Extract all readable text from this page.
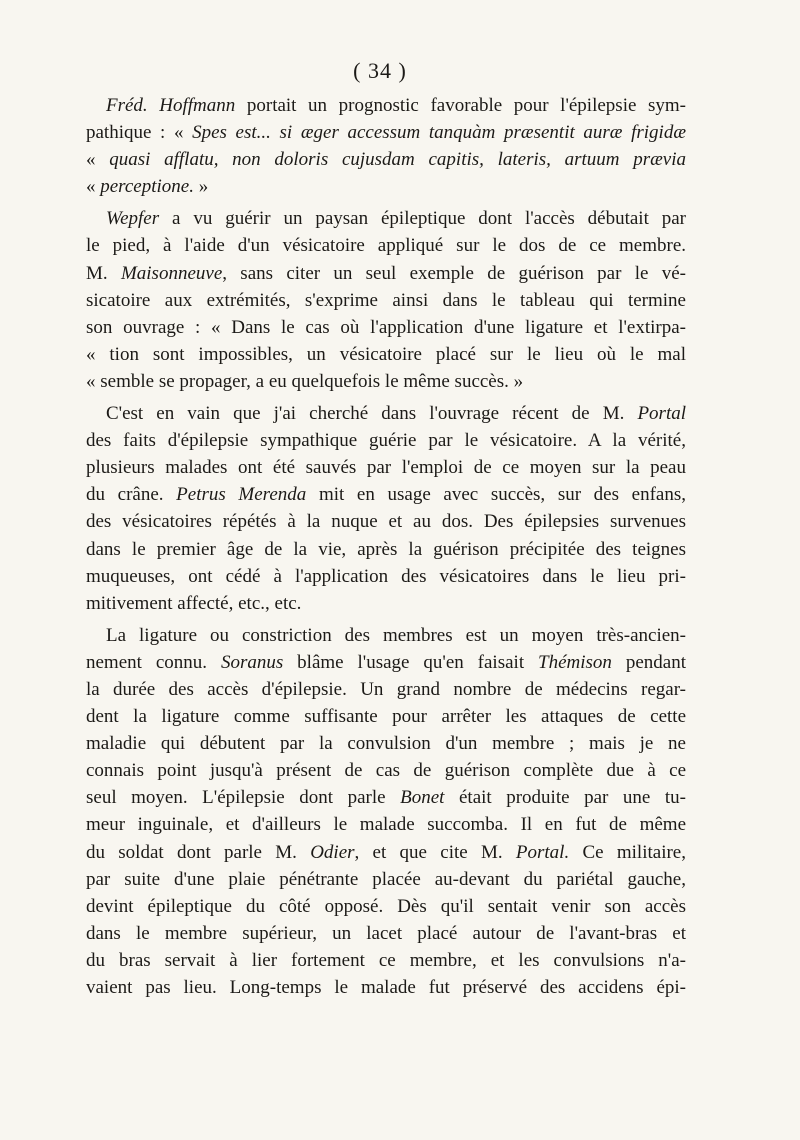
( 34 )
Fréd. Hoffmann portait un prognostic favorable pour l'épilepsie sym-
pathique : « Spes est... si æger accessum tanquàm præsentit auræ frigidæ
« quasi afflatu, non doloris cujusdam capitis, lateris, artuum prævia
« perceptione. »
Wepfer a vu guérir un paysan épileptique dont l'accès débutait par
le pied, à l'aide d'un vésicatoire appliqué sur le dos de ce membre.
M. Maisonneuve, sans citer un seul exemple de guérison par le vé-
sicatoire aux extrémités, s'exprime ainsi dans le tableau qui termine
son ouvrage : « Dans le cas où l'application d'une ligature et l'extirpa-
« tion sont impossibles, un vésicatoire placé sur le lieu où le mal
« semble se propager, a eu quelquefois le même succès. »
C'est en vain que j'ai cherché dans l'ouvrage récent de M. Portal
des faits d'épilepsie sympathique guérie par le vésicatoire. A la vérité,
plusieurs malades ont été sauvés par l'emploi de ce moyen sur la peau
du crâne. Petrus Merenda mit en usage avec succès, sur des enfans,
des vésicatoires répétés à la nuque et au dos. Des épilepsies survenues
dans le premier âge de la vie, après la guérison précipitée des teignes
muqueuses, ont cédé à l'application des vésicatoires dans le lieu pri-
mitivement affecté, etc., etc.
La ligature ou constriction des membres est un moyen très-ancien-
nement connu. Soranus blâme l'usage qu'en faisait Thémison pendant
la durée des accès d'épilepsie. Un grand nombre de médecins regar-
dent la ligature comme suffisante pour arrêter les attaques de cette
maladie qui débutent par la convulsion d'un membre ; mais je ne
connais point jusqu'à présent de cas de guérison complète due à ce
seul moyen. L'épilepsie dont parle Bonet était produite par une tu-
meur inguinale, et d'ailleurs le malade succomba. Il en fut de même
du soldat dont parle M. Odier, et que cite M. Portal. Ce militaire,
par suite d'une plaie pénétrante placée au-devant du pariétal gauche,
devint épileptique du côté opposé. Dès qu'il sentait venir son accès
dans le membre supérieur, un lacet placé autour de l'avant-bras et
du bras servait à lier fortement ce membre, et les convulsions n'a-
vaient pas lieu. Long-temps le malade fut préservé des accidens épi-
